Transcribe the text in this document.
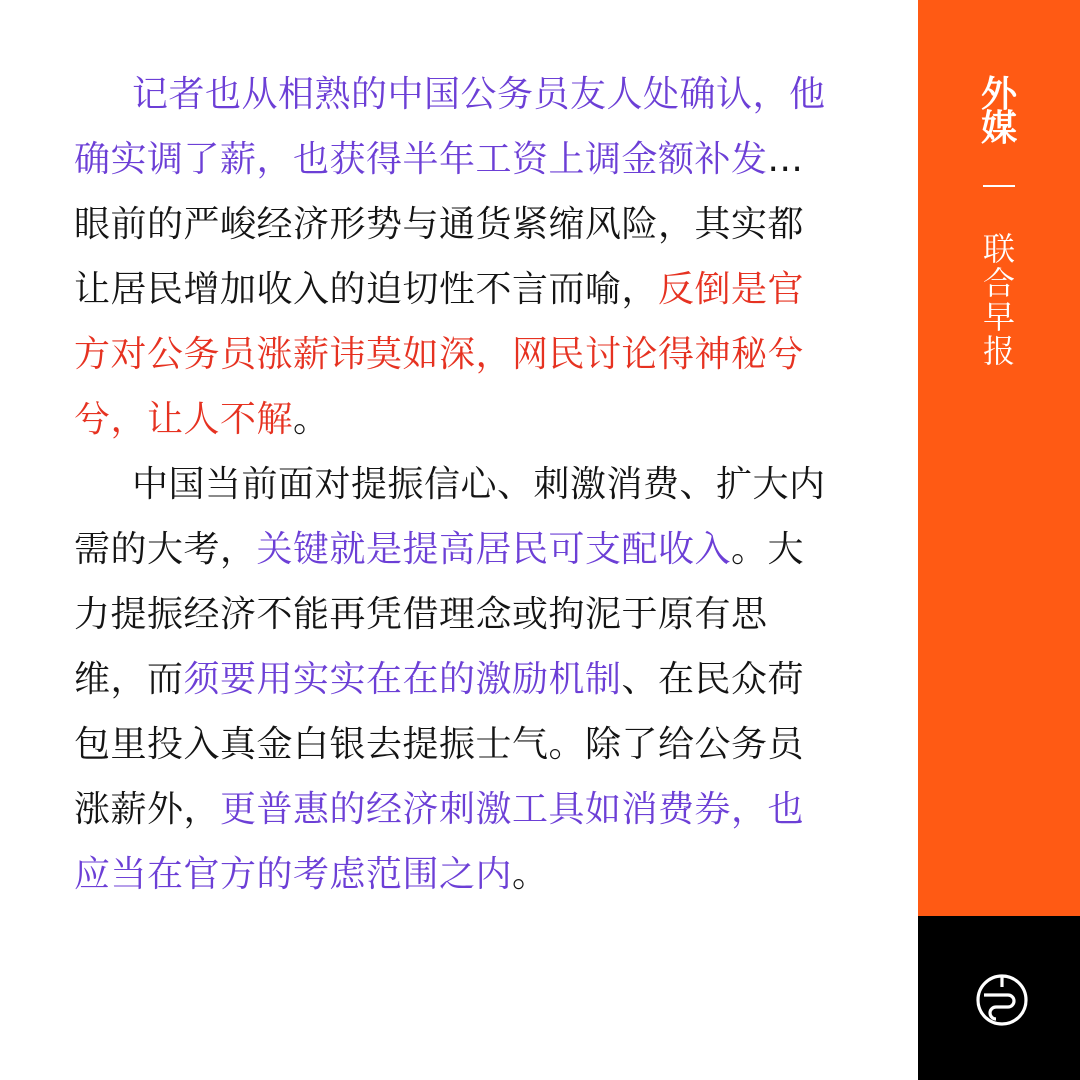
记者也从相熟的中国公务员友人处确认，他
确实调了薪，也获得半年工资上调金额补发...
眼前的严峻经济形势与通货紧缩风险，其实都
让居民增加收入的迫切性不言而喻，反倒是官
方对公务员涨薪讳莫如深，网民讨论得神秘兮
兮，让人不解。
中国当前面对提振信心、刺激消费、扩大内
需的大考，关键就是提高居民可支配收入。大
力提振经济不能再凭借理念或拘泥于原有思
维，而须要用实实在在的激励机制、在民众荷
包里投入真金白银去提振士气。除了给公务员
涨薪外，更普惠的经济刺激工具如消费券，也
应当在官方的考虑范围之内。
外
媒
联
合
早
报
